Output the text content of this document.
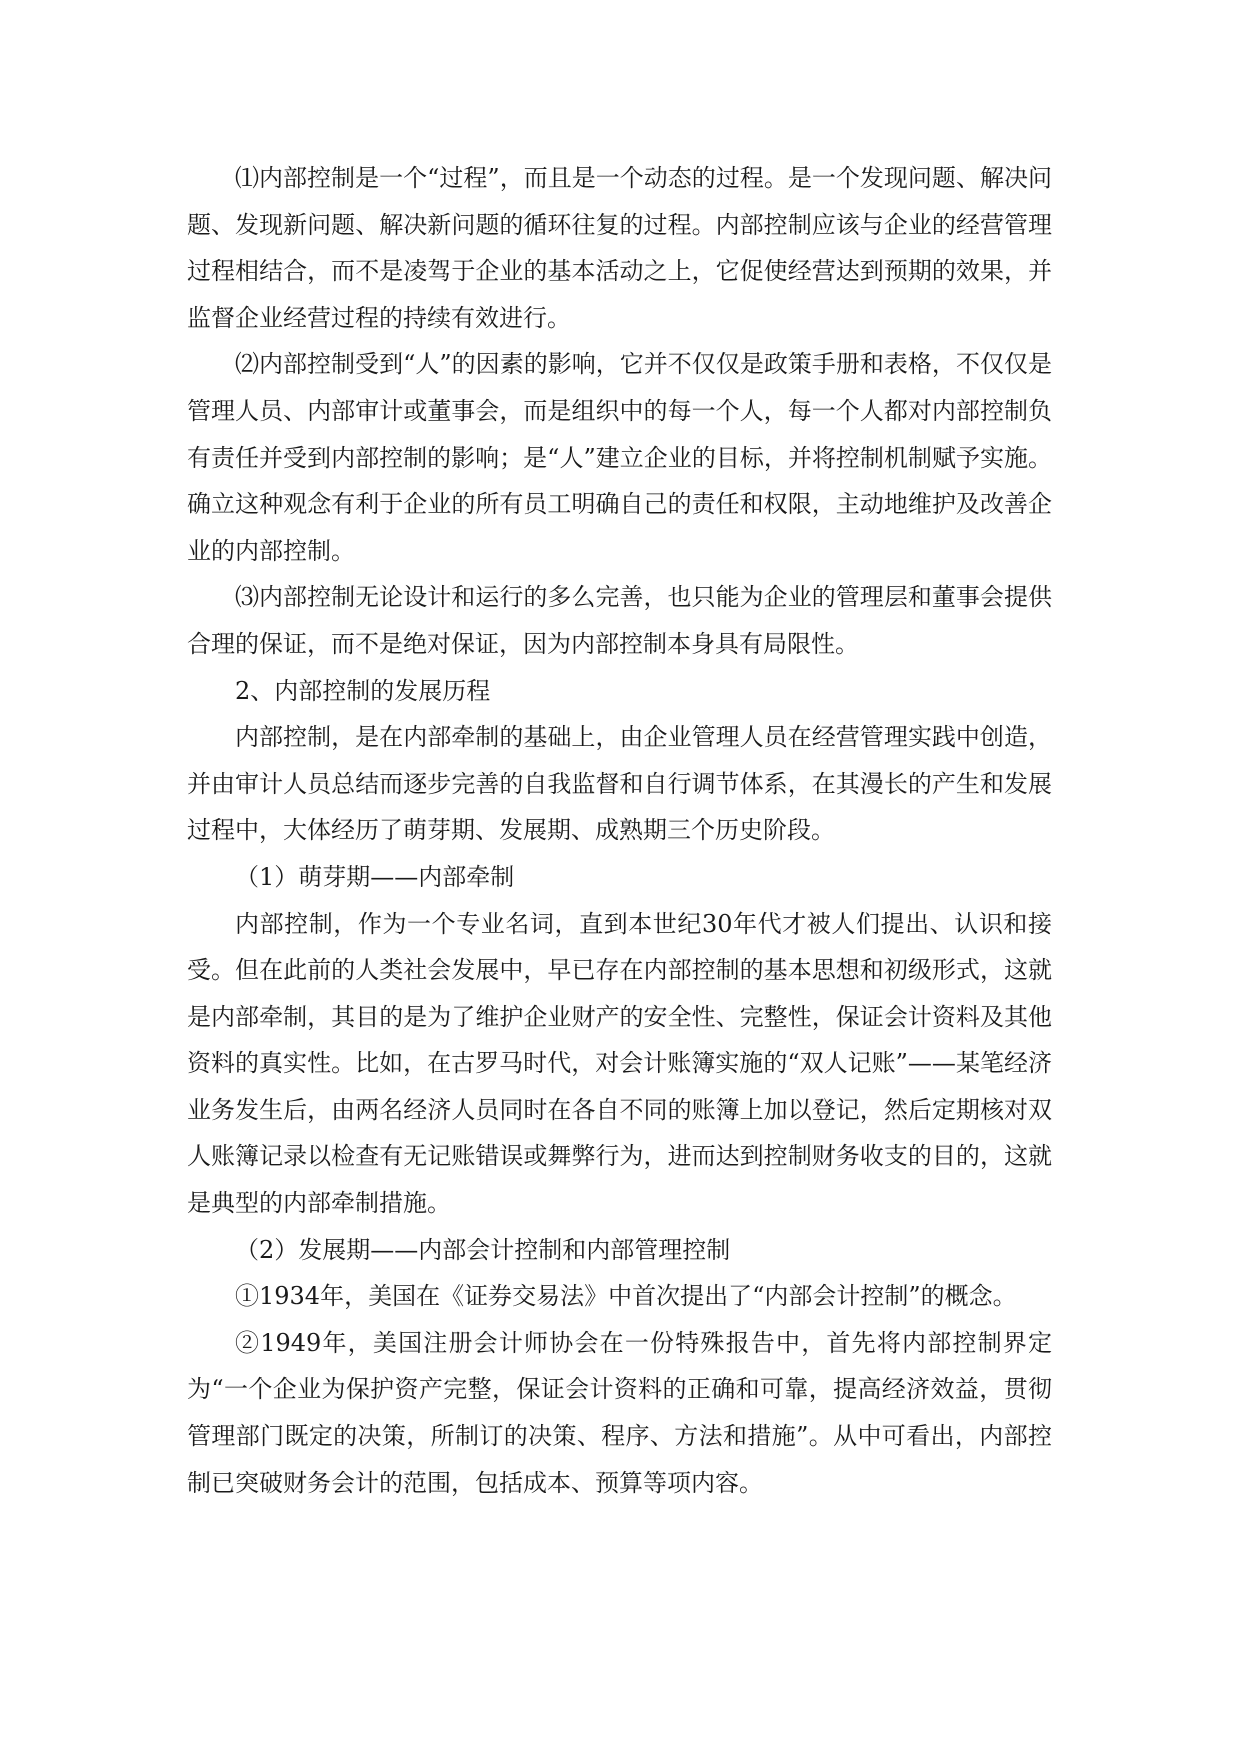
⑴内部控制是一个“过程”，而且是一个动态的过程。是一个发现问题、解决问题、发现新问题、解决新问题的循环往复的过程。内部控制应该与企业的经营管理过程相结合，而不是凌驾于企业的基本活动之上，它促使经营达到预期的效果，并监督企业经营过程的持续有效进行。

⑵内部控制受到“人”的因素的影响，它并不仅仅是政策手册和表格，不仅仅是管理人员、内部审计或董事会，而是组织中的每一个人，每一个人都对内部控制负有责任并受到内部控制的影响；是“人”建立企业的目标，并将控制机制赋予实施。确立这种观念有利于企业的所有员工明确自己的责任和权限，主动地维护及改善企业的内部控制。

⑶内部控制无论设计和运行的多么完善，也只能为企业的管理层和董事会提供合理的保证，而不是绝对保证，因为内部控制本身具有局限性。

2、内部控制的发展历程

内部控制，是在内部牵制的基础上，由企业管理人员在经营管理实践中创造，并由审计人员总结而逐步完善的自我监督和自行调节体系，在其漫长的产生和发展过程中，大体经历了萌芽期、发展期、成熟期三个历史阶段。

（1）萌芽期——内部牵制

内部控制，作为一个专业名词，直到本世纪30年代才被人们提出、认识和接受。但在此前的人类社会发展中，早已存在内部控制的基本思想和初级形式，这就是内部牵制，其目的是为了维护企业财产的安全性、完整性，保证会计资料及其他资料的真实性。比如，在古罗马时代，对会计账簿实施的“双人记账”——某笔经济业务发生后，由两名经济人员同时在各自不同的账簿上加以登记，然后定期核对双人账簿记录以检查有无记账错误或舞弊行为，进而达到控制财务收支的目的，这就是典型的内部牵制措施。

（2）发展期——内部会计控制和内部管理控制

①1934年，美国在《证券交易法》中首次提出了“内部会计控制”的概念。

②1949年，美国注册会计师协会在一份特殊报告中，首先将内部控制界定为“一个企业为保护资产完整，保证会计资料的正确和可靠，提高经济效益，贯彻管理部门既定的决策，所制订的决策、程序、方法和措施”。从中可看出，内部控制已突破财务会计的范围，包括成本、预算等项内容。
